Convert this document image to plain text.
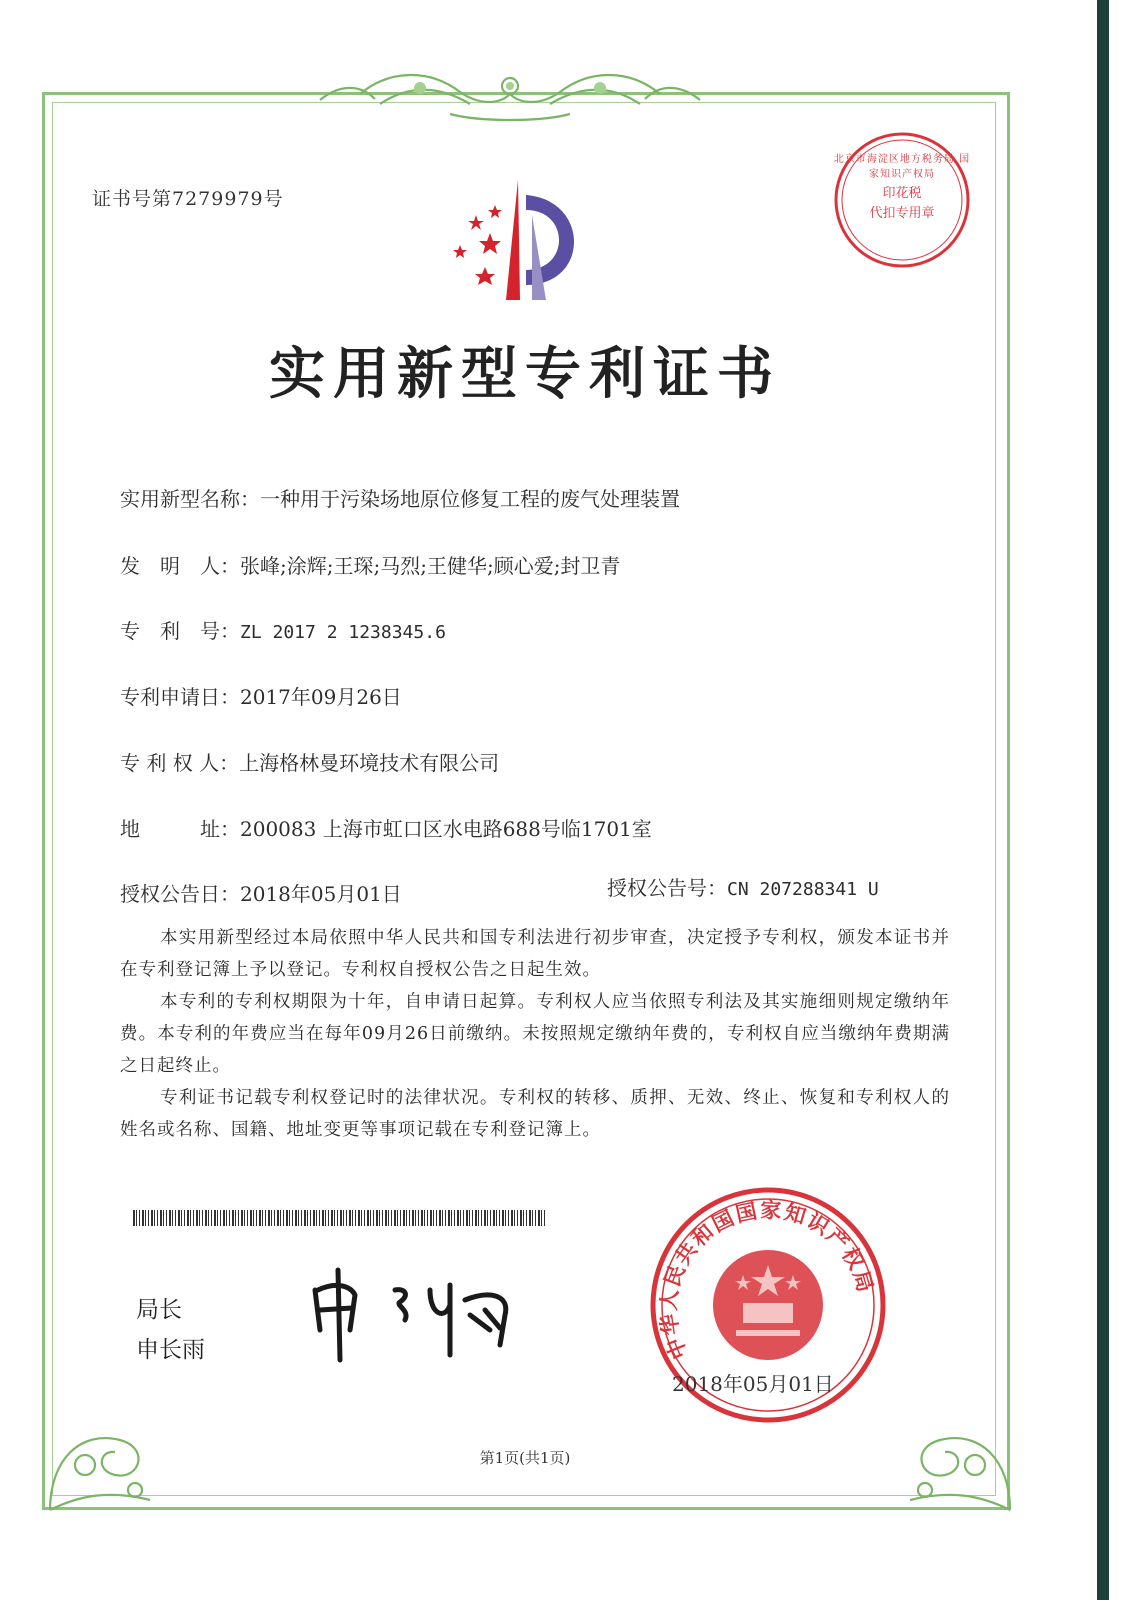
证书号第7279979号
北京市海淀区地方税务局 国家知识产权局
印花税
代扣专用章
实用新型专利证书
实用新型名称：一种用于污染场地原位修复工程的废气处理装置
发　明　人：张峰;涂辉;王琛;马烈;王健华;顾心爱;封卫青
专　利　号：ZL 2017 2 1238345.6
专利申请日：2017年09月26日
专 利 权 人：上海格林曼环境技术有限公司
地　　　址：200083 上海市虹口区水电路688号临1701室
授权公告日：2018年05月01日	授权公告号：CN 207288341 U
本实用新型经过本局依照中华人民共和国专利法进行初步审查，决定授予专利权，颁发本证书并在专利登记簿上予以登记。专利权自授权公告之日起生效。
本专利的专利权期限为十年，自申请日起算。专利权人应当依照专利法及其实施细则规定缴纳年费。本专利的年费应当在每年09月26日前缴纳。未按照规定缴纳年费的，专利权自应当缴纳年费期满之日起终止。
专利证书记载专利权登记时的法律状况。专利权的转移、质押、无效、终止、恢复和专利权人的姓名或名称、国籍、地址变更等事项记载在专利登记簿上。
局长
申长雨	中华人民共和国国家知识产权局
2018年05月01日
第1页(共1页)
